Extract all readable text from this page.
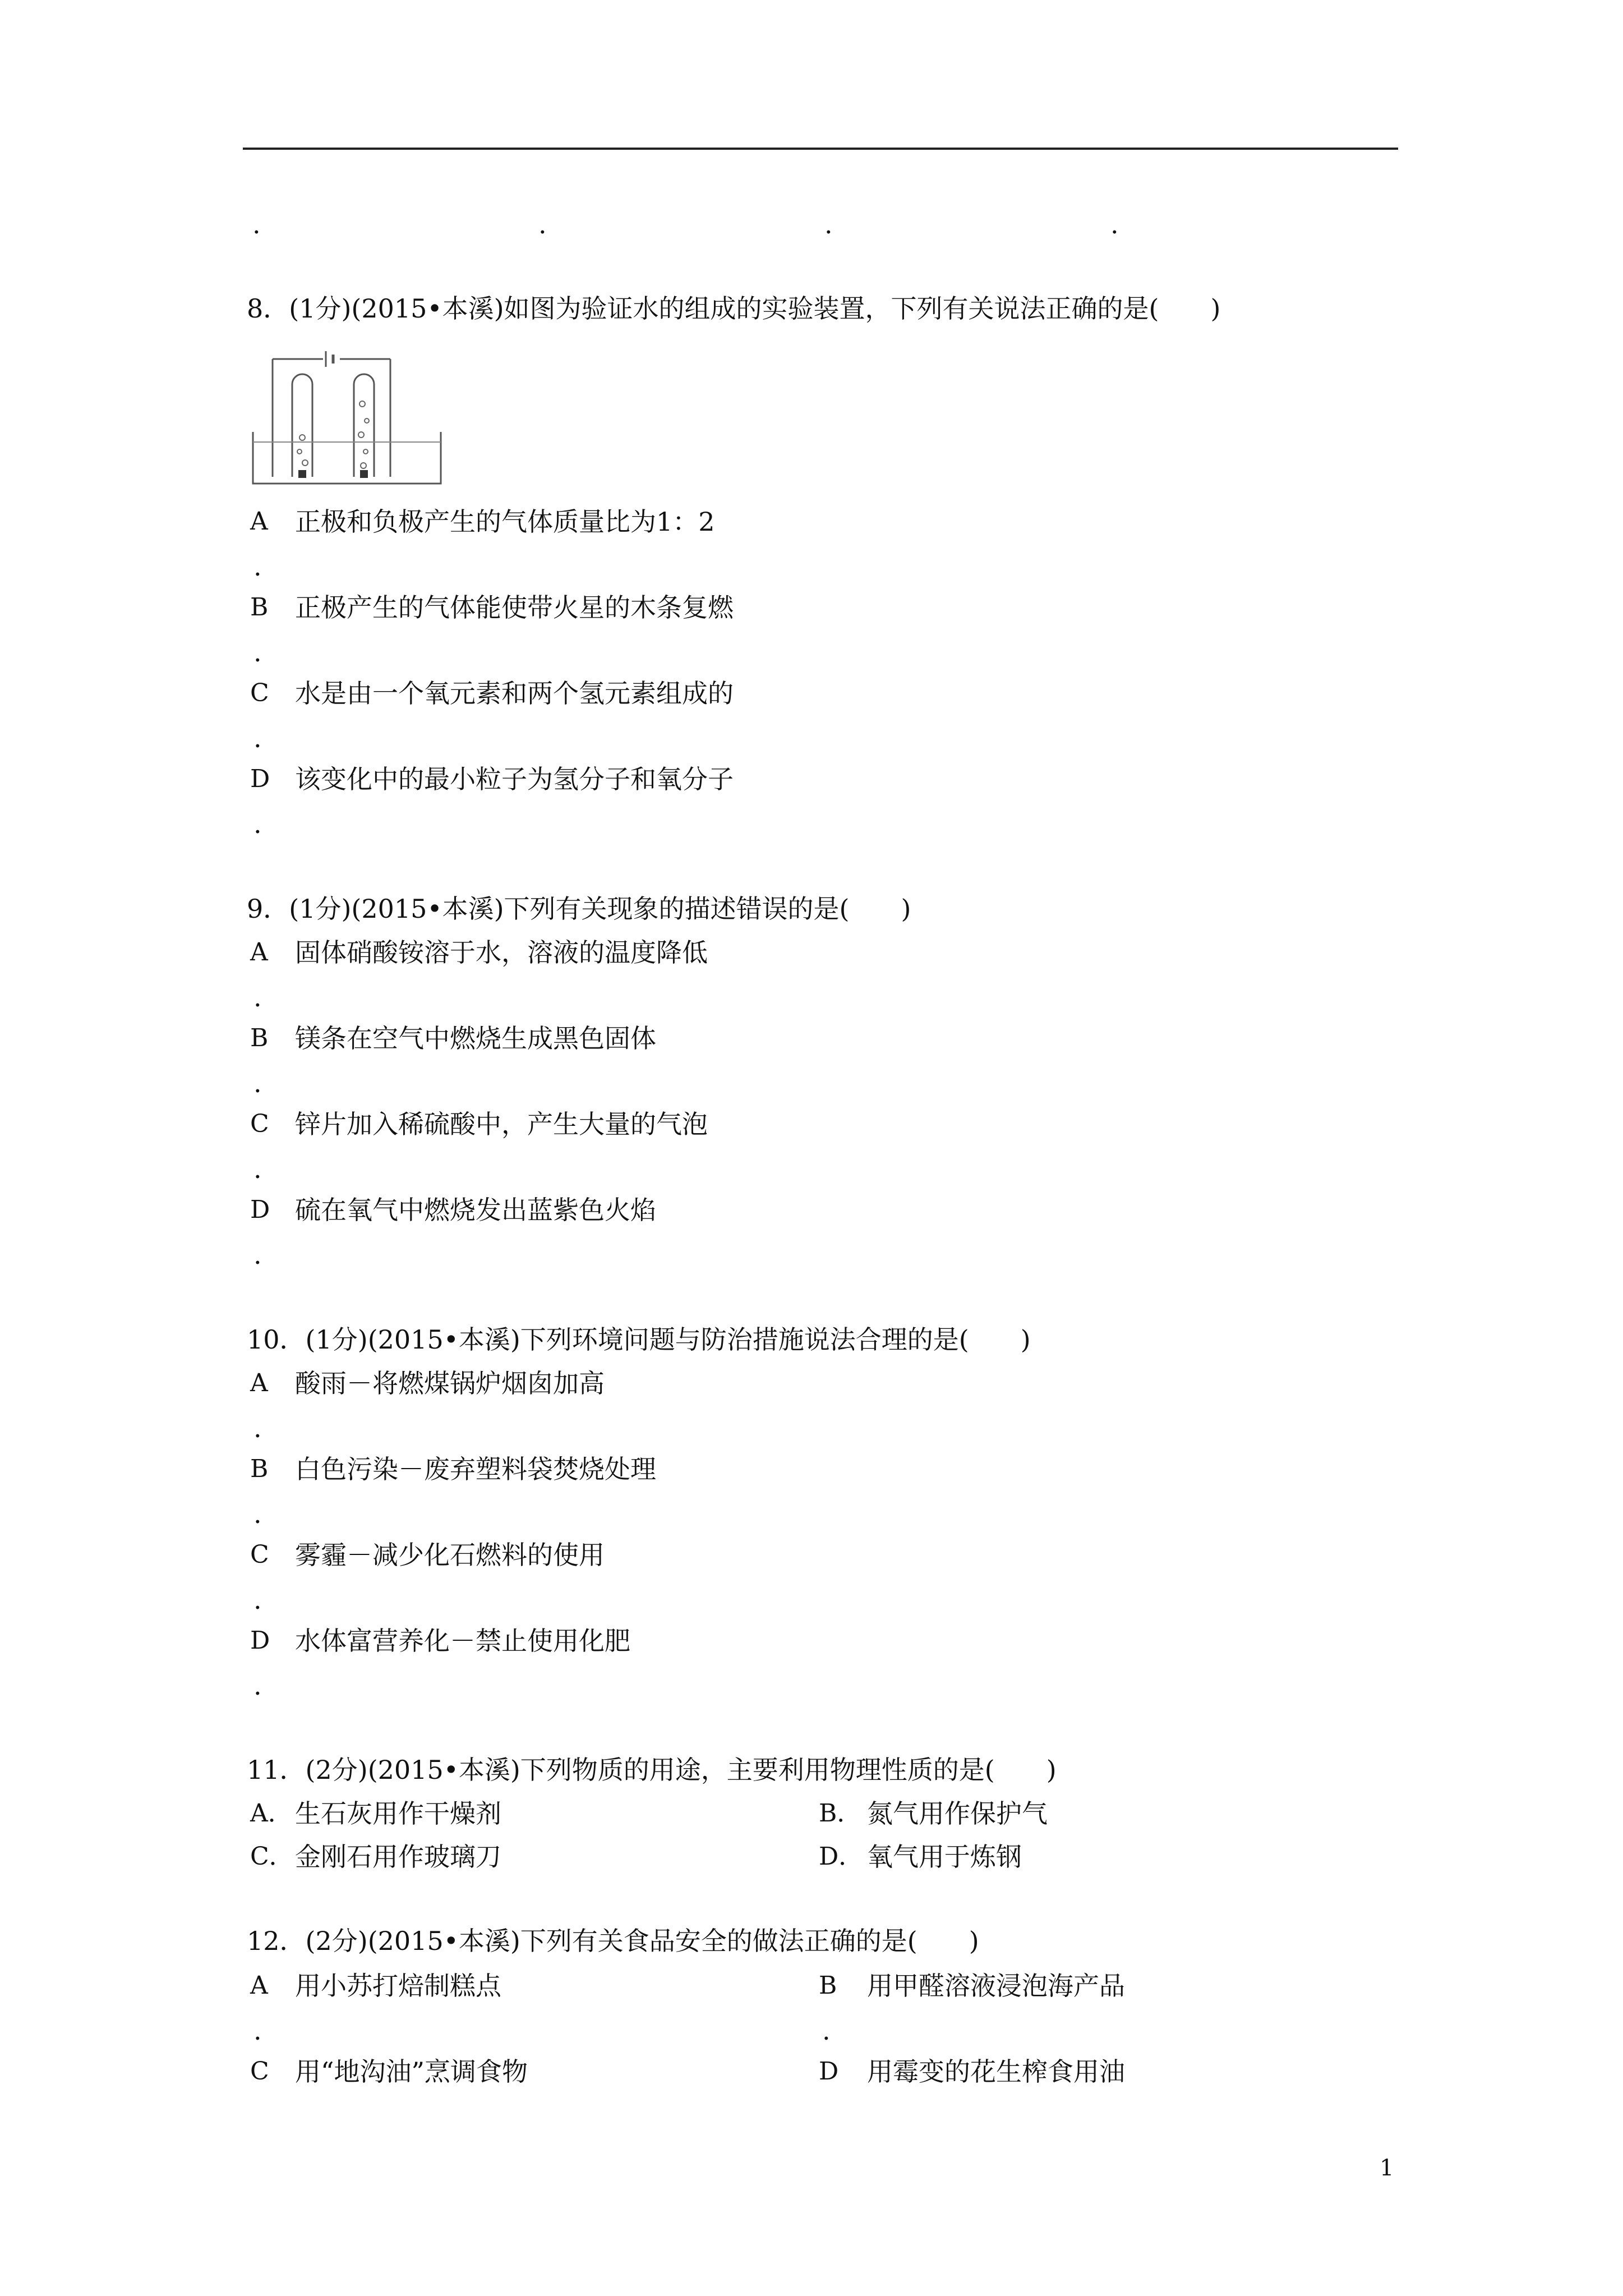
.	.	.	.
8．(1分)(2015•本溪)如图为验证水的组成的实验装置，下列有关说法正确的是(　　)
A 正极和负极产生的气体质量比为1：2
.
B 正极产生的气体能使带火星的木条复燃
.
C 水是由一个氧元素和两个氢元素组成的
.
D 该变化中的最小粒子为氢分子和氧分子
.
9．(1分)(2015•本溪)下列有关现象的描述错误的是(　　)
A 固体硝酸铵溶于水，溶液的温度降低
.
B 镁条在空气中燃烧生成黑色固体
.
C 锌片加入稀硫酸中，产生大量的气泡
.
D 硫在氧气中燃烧发出蓝紫色火焰
.
10．(1分)(2015•本溪)下列环境问题与防治措施说法合理的是(　　)
A 酸雨－将燃煤锅炉烟囱加高
.
B 白色污染－废弃塑料袋焚烧处理
.
C 雾霾－减少化石燃料的使用
.
D 水体富营养化－禁止使用化肥
.
11．(2分)(2015•本溪)下列物质的用途，主要利用物理性质的是(　　)
A． 生石灰用作干燥剂	B． 氮气用作保护气
C． 金刚石用作玻璃刀	D． 氧气用于炼钢
12．(2分)(2015•本溪)下列有关食品安全的做法正确的是(　　)
A 用小苏打焙制糕点	B 用甲醛溶液浸泡海产品
.	.
C 用“地沟油”烹调食物	D 用霉变的花生榨食用油
1
